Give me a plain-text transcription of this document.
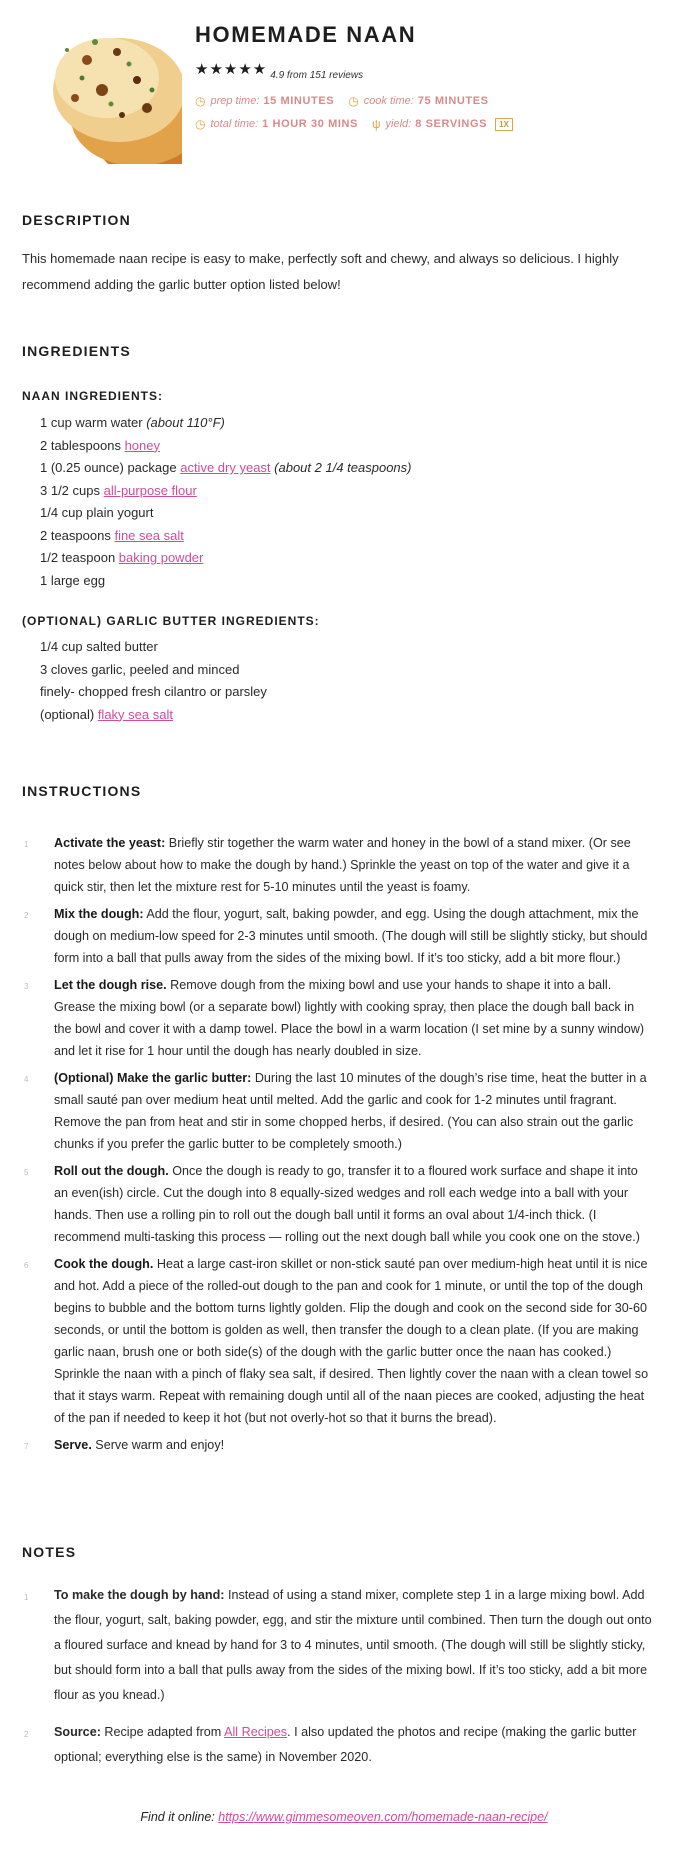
HOMEMADE NAAN
★★★★★ 4.9 from 151 reviews
◷ prep time: 15 MINUTES ◷ cook time: 75 MINUTES
◷ total time: 1 HOUR 30 MINS ψ yield: 8 SERVINGS	1X
DESCRIPTION

This homemade naan recipe is easy to make, perfectly soft and chewy, and always so delicious. I highly recommend adding the garlic butter option listed below!

INGREDIENTS
NAAN INGREDIENTS:
1 cup warm water (about 110°F)
2 tablespoons honey
1 (0.25 ounce) package active dry yeast (about 2 1/4 teaspoons)
3 1/2 cups all-purpose flour
1/4 cup plain yogurt
2 teaspoons fine sea salt
1/2 teaspoon baking powder
1 large egg
(OPTIONAL) GARLIC BUTTER INGREDIENTS:
1/4 cup salted butter
3 cloves garlic, peeled and minced
finely- chopped fresh cilantro or parsley
(optional) flaky sea salt
INSTRUCTIONS
1 Activate the yeast: Briefly stir together the warm water and honey in the bowl of a stand mixer. (Or see notes below about how to make the dough by hand.) Sprinkle the yeast on top of the water and give it a quick stir, then let the mixture rest for 5-10 minutes until the yeast is foamy.
2 Mix the dough: Add the flour, yogurt, salt, baking powder, and egg. Using the dough attachment, mix the dough on medium-low speed for 2-3 minutes until smooth. (The dough will still be slightly sticky, but should form into a ball that pulls away from the sides of the mixing bowl. If it’s too sticky, add a bit more flour.)
3 Let the dough rise. Remove dough from the mixing bowl and use your hands to shape it into a ball. Grease the mixing bowl (or a separate bowl) lightly with cooking spray, then place the dough ball back in the bowl and cover it with a damp towel. Place the bowl in a warm location (I set mine by a sunny window) and let it rise for 1 hour until the dough has nearly doubled in size.
4 (Optional) Make the garlic butter: During the last 10 minutes of the dough’s rise time, heat the butter in a small sauté pan over medium heat until melted. Add the garlic and cook for 1-2 minutes until fragrant. Remove the pan from heat and stir in some chopped herbs, if desired. (You can also strain out the garlic chunks if you prefer the garlic butter to be completely smooth.)
5 Roll out the dough. Once the dough is ready to go, transfer it to a floured work surface and shape it into an even(ish) circle. Cut the dough into 8 equally-sized wedges and roll each wedge into a ball with your hands. Then use a rolling pin to roll out the dough ball until it forms an oval about 1/4-inch thick. (I recommend multi-tasking this process — rolling out the next dough ball while you cook one on the stove.)
6 Cook the dough. Heat a large cast-iron skillet or non-stick sauté pan over medium-high heat until it is nice and hot. Add a piece of the rolled-out dough to the pan and cook for 1 minute, or until the top of the dough begins to bubble and the bottom turns lightly golden. Flip the dough and cook on the second side for 30-60 seconds, or until the bottom is golden as well, then transfer the dough to a clean plate. (If you are making garlic naan, brush one or both side(s) of the dough with the garlic butter once the naan has cooked.) Sprinkle the naan with a pinch of flaky sea salt, if desired. Then lightly cover the naan with a clean towel so that it stays warm. Repeat with remaining dough until all of the naan pieces are cooked, adjusting the heat of the pan if needed to keep it hot (but not overly-hot so that it burns the bread).
7 Serve. Serve warm and enjoy!
NOTES
1 To make the dough by hand: Instead of using a stand mixer, complete step 1 in a large mixing bowl. Add the flour, yogurt, salt, baking powder, egg, and stir the mixture until combined. Then turn the dough out onto a floured surface and knead by hand for 3 to 4 minutes, until smooth. (The dough will still be slightly sticky, but should form into a ball that pulls away from the sides of the mixing bowl. If it’s too sticky, add a bit more flour as you knead.)
2 Source: Recipe adapted from All Recipes. I also updated the photos and recipe (making the garlic butter optional; everything else is the same) in November 2020.
Find it online: https://www.gimmesomeoven.com/homemade-naan-recipe/
